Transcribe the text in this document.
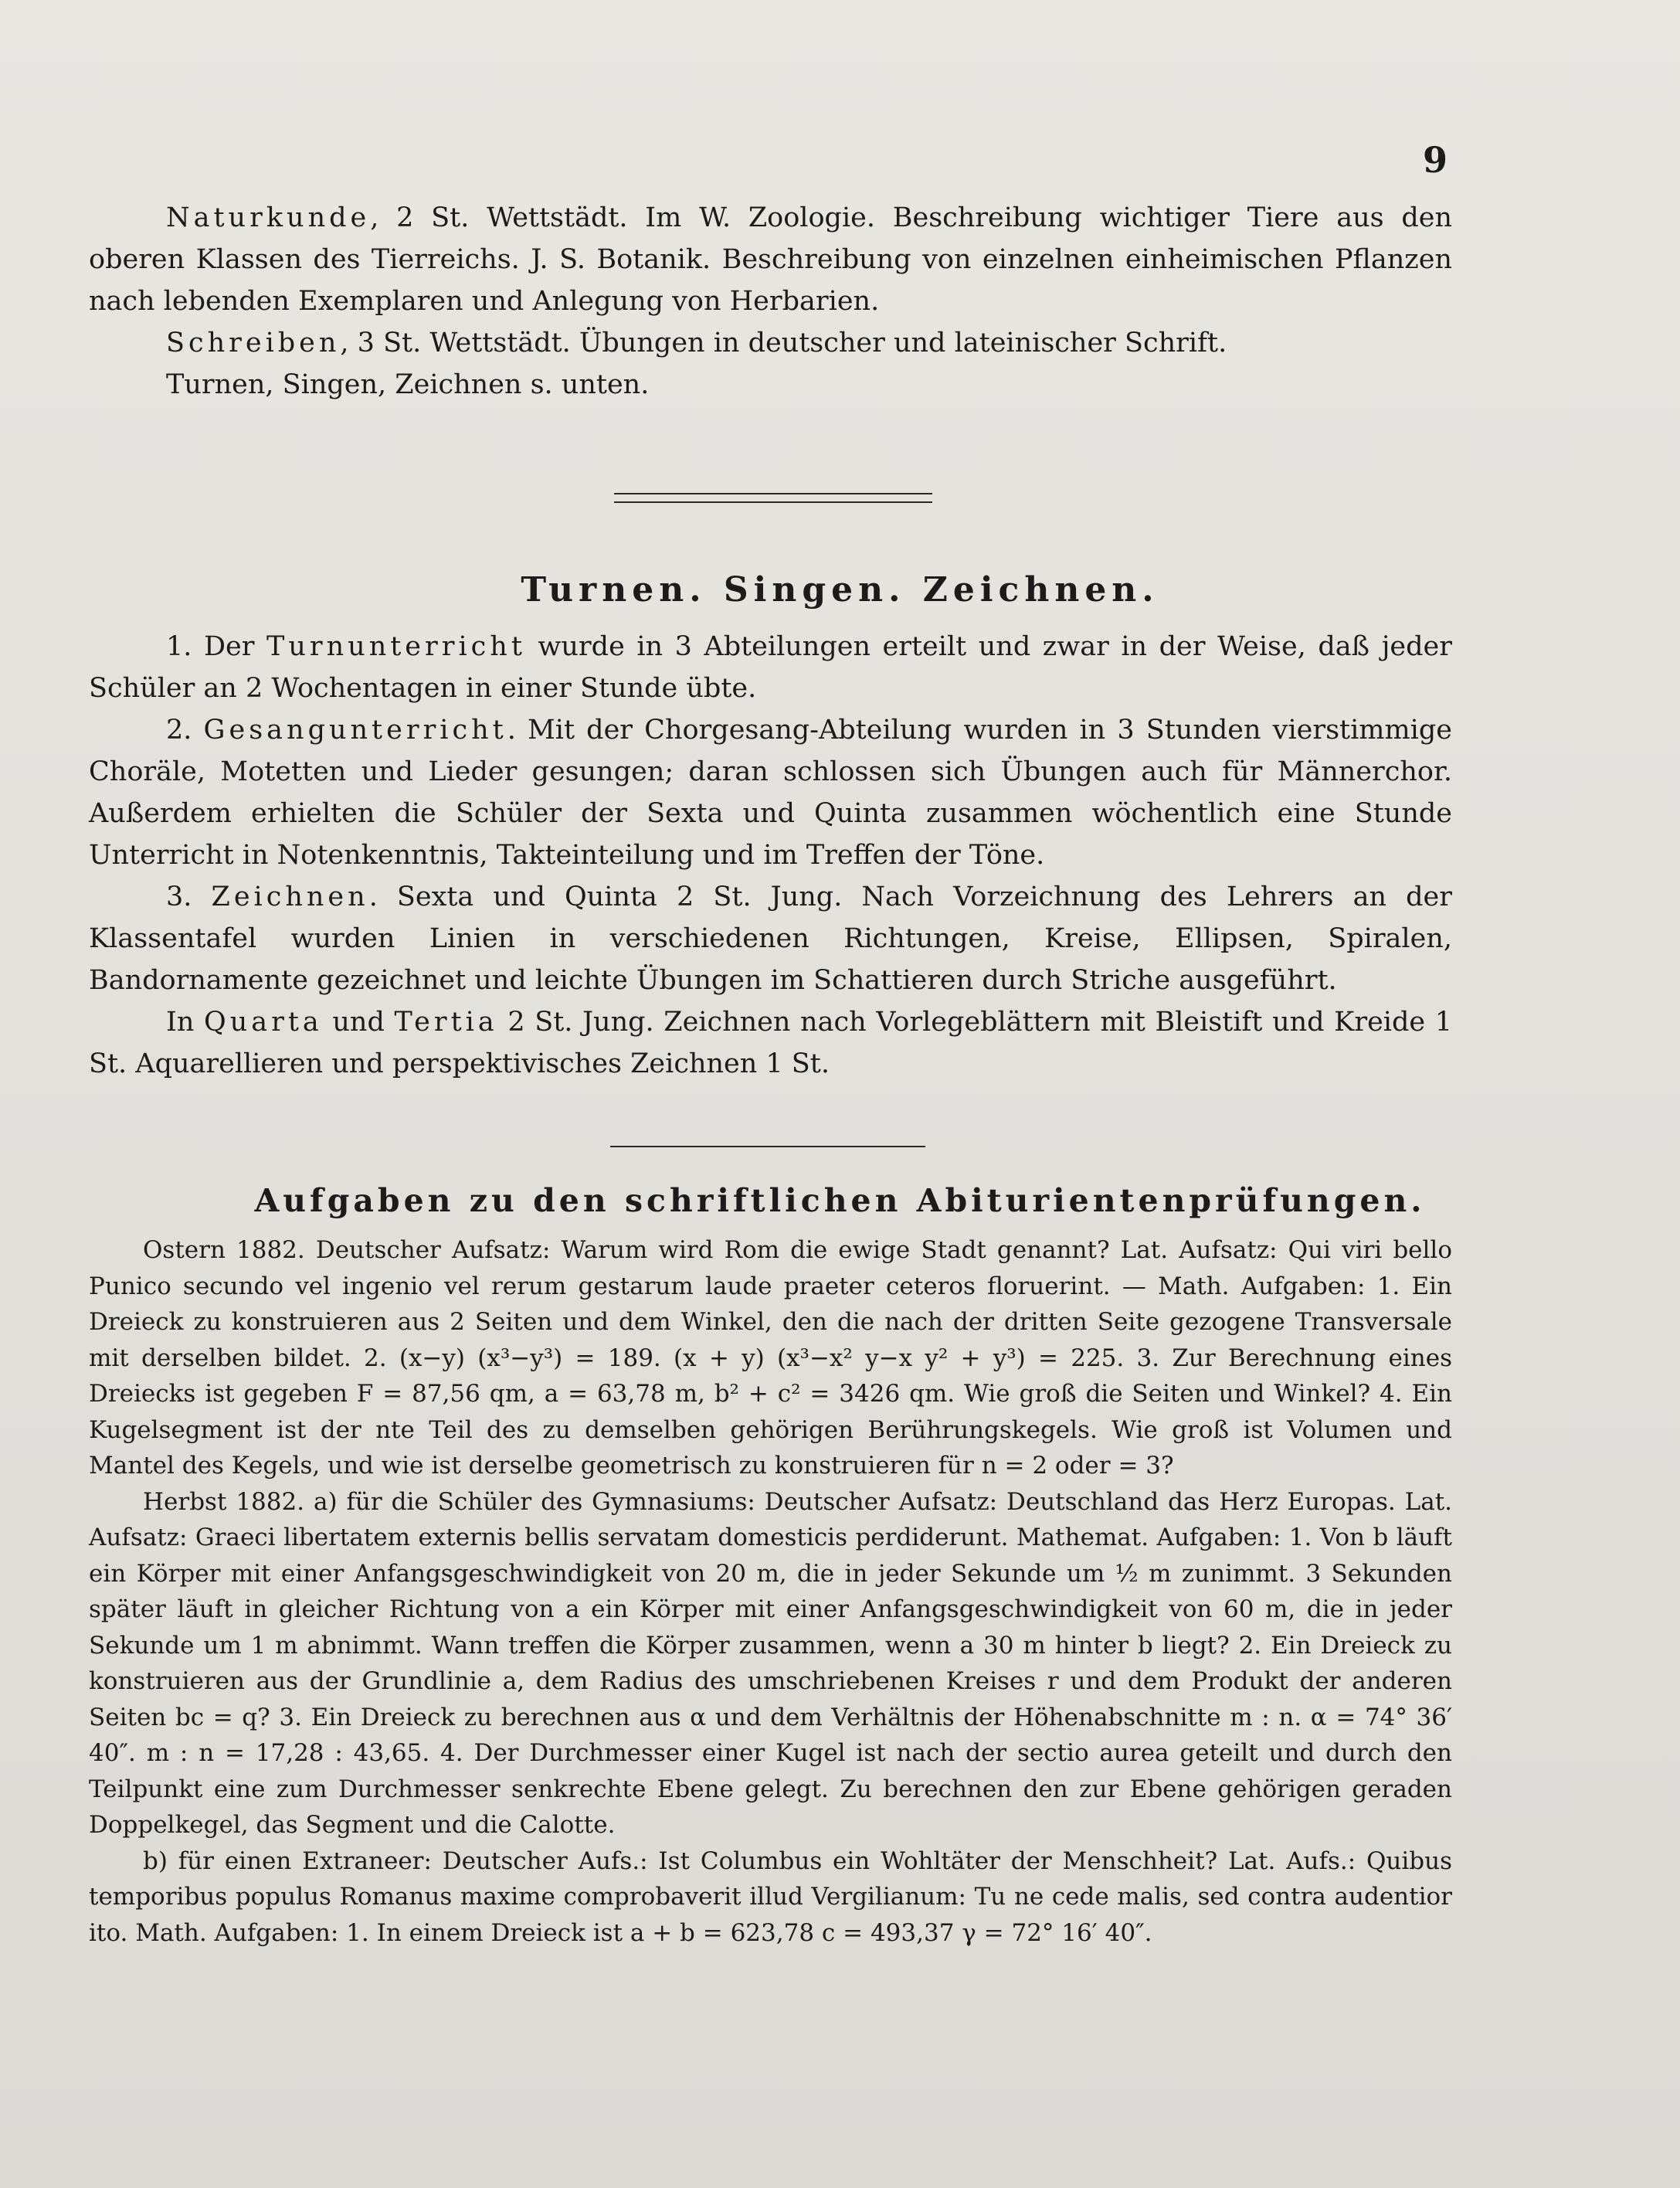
9

Naturkunde, 2 St. Wettstädt. Im W. Zoologie. Beschreibung wichtiger Tiere aus den oberen Klassen des Tierreichs. J. S. Botanik. Beschreibung von einzelnen einheimischen Pflanzen nach lebenden Exemplaren und Anlegung von Herbarien.

Schreiben, 3 St. Wettstädt. Übungen in deutscher und lateinischer Schrift.

Turnen, Singen, Zeichnen s. unten.

Turnen. Singen. Zeichnen.

1. Der Turnunterricht wurde in 3 Abteilungen erteilt und zwar in der Weise, daß jeder Schüler an 2 Wochentagen in einer Stunde übte.

2. Gesangunterricht. Mit der Chorgesang-Abteilung wurden in 3 Stunden vierstimmige Choräle, Motetten und Lieder gesungen; daran schlossen sich Übungen auch für Männerchor. Außerdem erhielten die Schüler der Sexta und Quinta zusammen wöchentlich eine Stunde Unterricht in Notenkenntnis, Takteinteilung und im Treffen der Töne.

3. Zeichnen. Sexta und Quinta 2 St. Jung. Nach Vorzeichnung des Lehrers an der Klassentafel wurden Linien in verschiedenen Richtungen, Kreise, Ellipsen, Spiralen, Bandornamente gezeichnet und leichte Übungen im Schattieren durch Striche ausgeführt.

In Quarta und Tertia 2 St. Jung. Zeichnen nach Vorlegeblättern mit Bleistift und Kreide 1 St. Aquarellieren und perspektivisches Zeichnen 1 St.

Aufgaben zu den schriftlichen Abiturientenprüfungen.

Ostern 1882. Deutscher Aufsatz: Warum wird Rom die ewige Stadt genannt? Lat. Aufsatz: Qui viri bello Punico secundo vel ingenio vel rerum gestarum laude praeter ceteros floruerint. — Math. Aufgaben: 1. Ein Dreieck zu konstruieren aus 2 Seiten und dem Winkel, den die nach der dritten Seite gezogene Transversale mit derselben bildet. 2. (x−y) (x³−y³) = 189. (x + y) (x³−x² y−x y² + y³) = 225. 3. Zur Berechnung eines Dreiecks ist gegeben F = 87,56 qm, a = 63,78 m, b² + c² = 3426 qm. Wie groß die Seiten und Winkel? 4. Ein Kugelsegment ist der nte Teil des zu demselben gehörigen Berührungskegels. Wie groß ist Volumen und Mantel des Kegels, und wie ist derselbe geometrisch zu konstruieren für n = 2 oder = 3?

Herbst 1882. a) für die Schüler des Gymnasiums: Deutscher Aufsatz: Deutschland das Herz Europas. Lat. Aufsatz: Graeci libertatem externis bellis servatam domesticis perdiderunt. Mathemat. Aufgaben: 1. Von b läuft ein Körper mit einer Anfangsgeschwindigkeit von 20 m, die in jeder Sekunde um ½ m zunimmt. 3 Sekunden später läuft in gleicher Richtung von a ein Körper mit einer Anfangsgeschwindigkeit von 60 m, die in jeder Sekunde um 1 m abnimmt. Wann treffen die Körper zusammen, wenn a 30 m hinter b liegt? 2. Ein Dreieck zu konstruieren aus der Grundlinie a, dem Radius des umschriebenen Kreises r und dem Produkt der anderen Seiten bc = q? 3. Ein Dreieck zu berechnen aus α und dem Verhältnis der Höhenabschnitte m : n. α = 74° 36′ 40″. m : n = 17,28 : 43,65. 4. Der Durchmesser einer Kugel ist nach der sectio aurea geteilt und durch den Teilpunkt eine zum Durchmesser senkrechte Ebene gelegt. Zu berechnen den zur Ebene gehörigen geraden Doppelkegel, das Segment und die Calotte.

b) für einen Extraneer: Deutscher Aufs.: Ist Columbus ein Wohltäter der Menschheit? Lat. Aufs.: Quibus temporibus populus Romanus maxime comprobaverit illud Vergilianum: Tu ne cede malis, sed contra audentior ito. Math. Aufgaben: 1. In einem Dreieck ist a + b = 623,78 c = 493,37 γ = 72° 16′ 40″.
